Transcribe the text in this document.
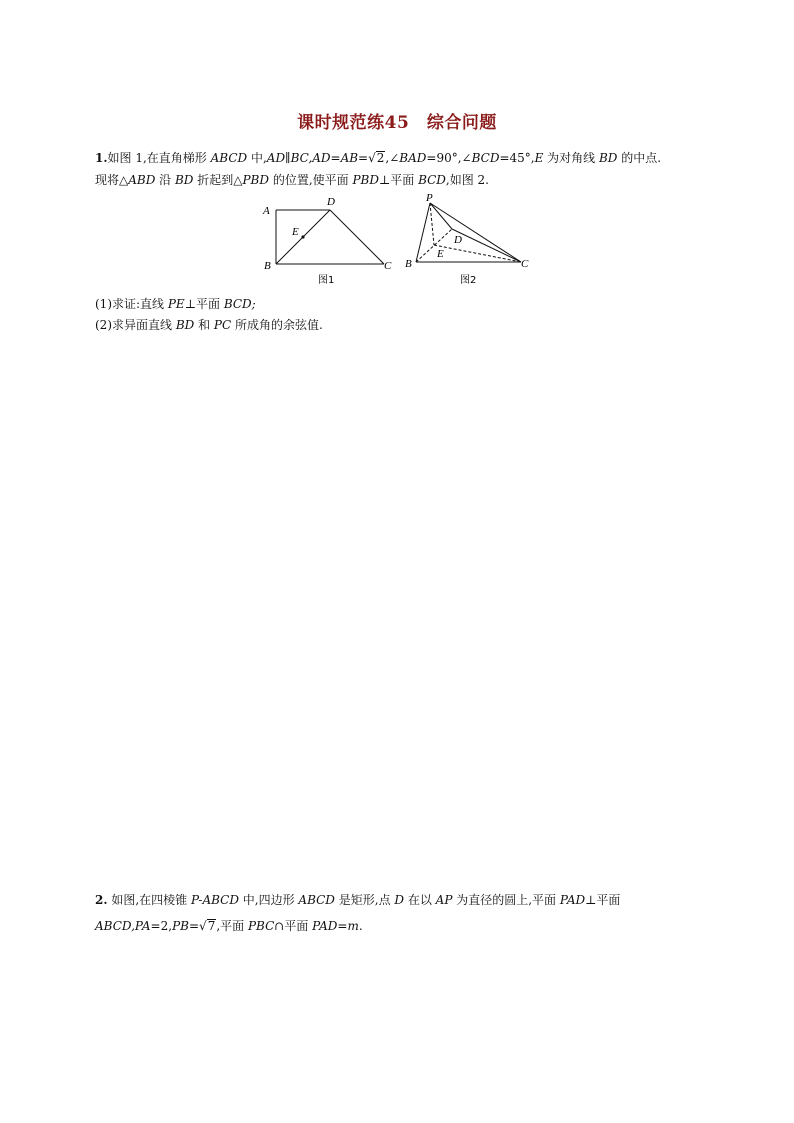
课时规范练45　综合问题
1.如图 1,在直角梯形 ABCD 中,AD∥BC,AD=AB=√2,∠BAD=90°,∠BCD=45°,E 为对角线 BD 的中点.
现将△ABD 沿 BD 折起到△PBD 的位置,使平面 PBD⊥平面 BCD,如图 2.
A
B	C
D
E
图1
P
B	C
D
E
图2
(1)求证:直线 PE⊥平面 BCD;
(2)求异面直线 BD 和 PC 所成角的余弦值.
2. 如图,在四棱锥 P-ABCD 中,四边形 ABCD 是矩形,点 D 在以 AP 为直径的圆上,平面 PAD⊥平面
ABCD,PA=2,PB=√7,平面 PBC∩平面 PAD=m.
